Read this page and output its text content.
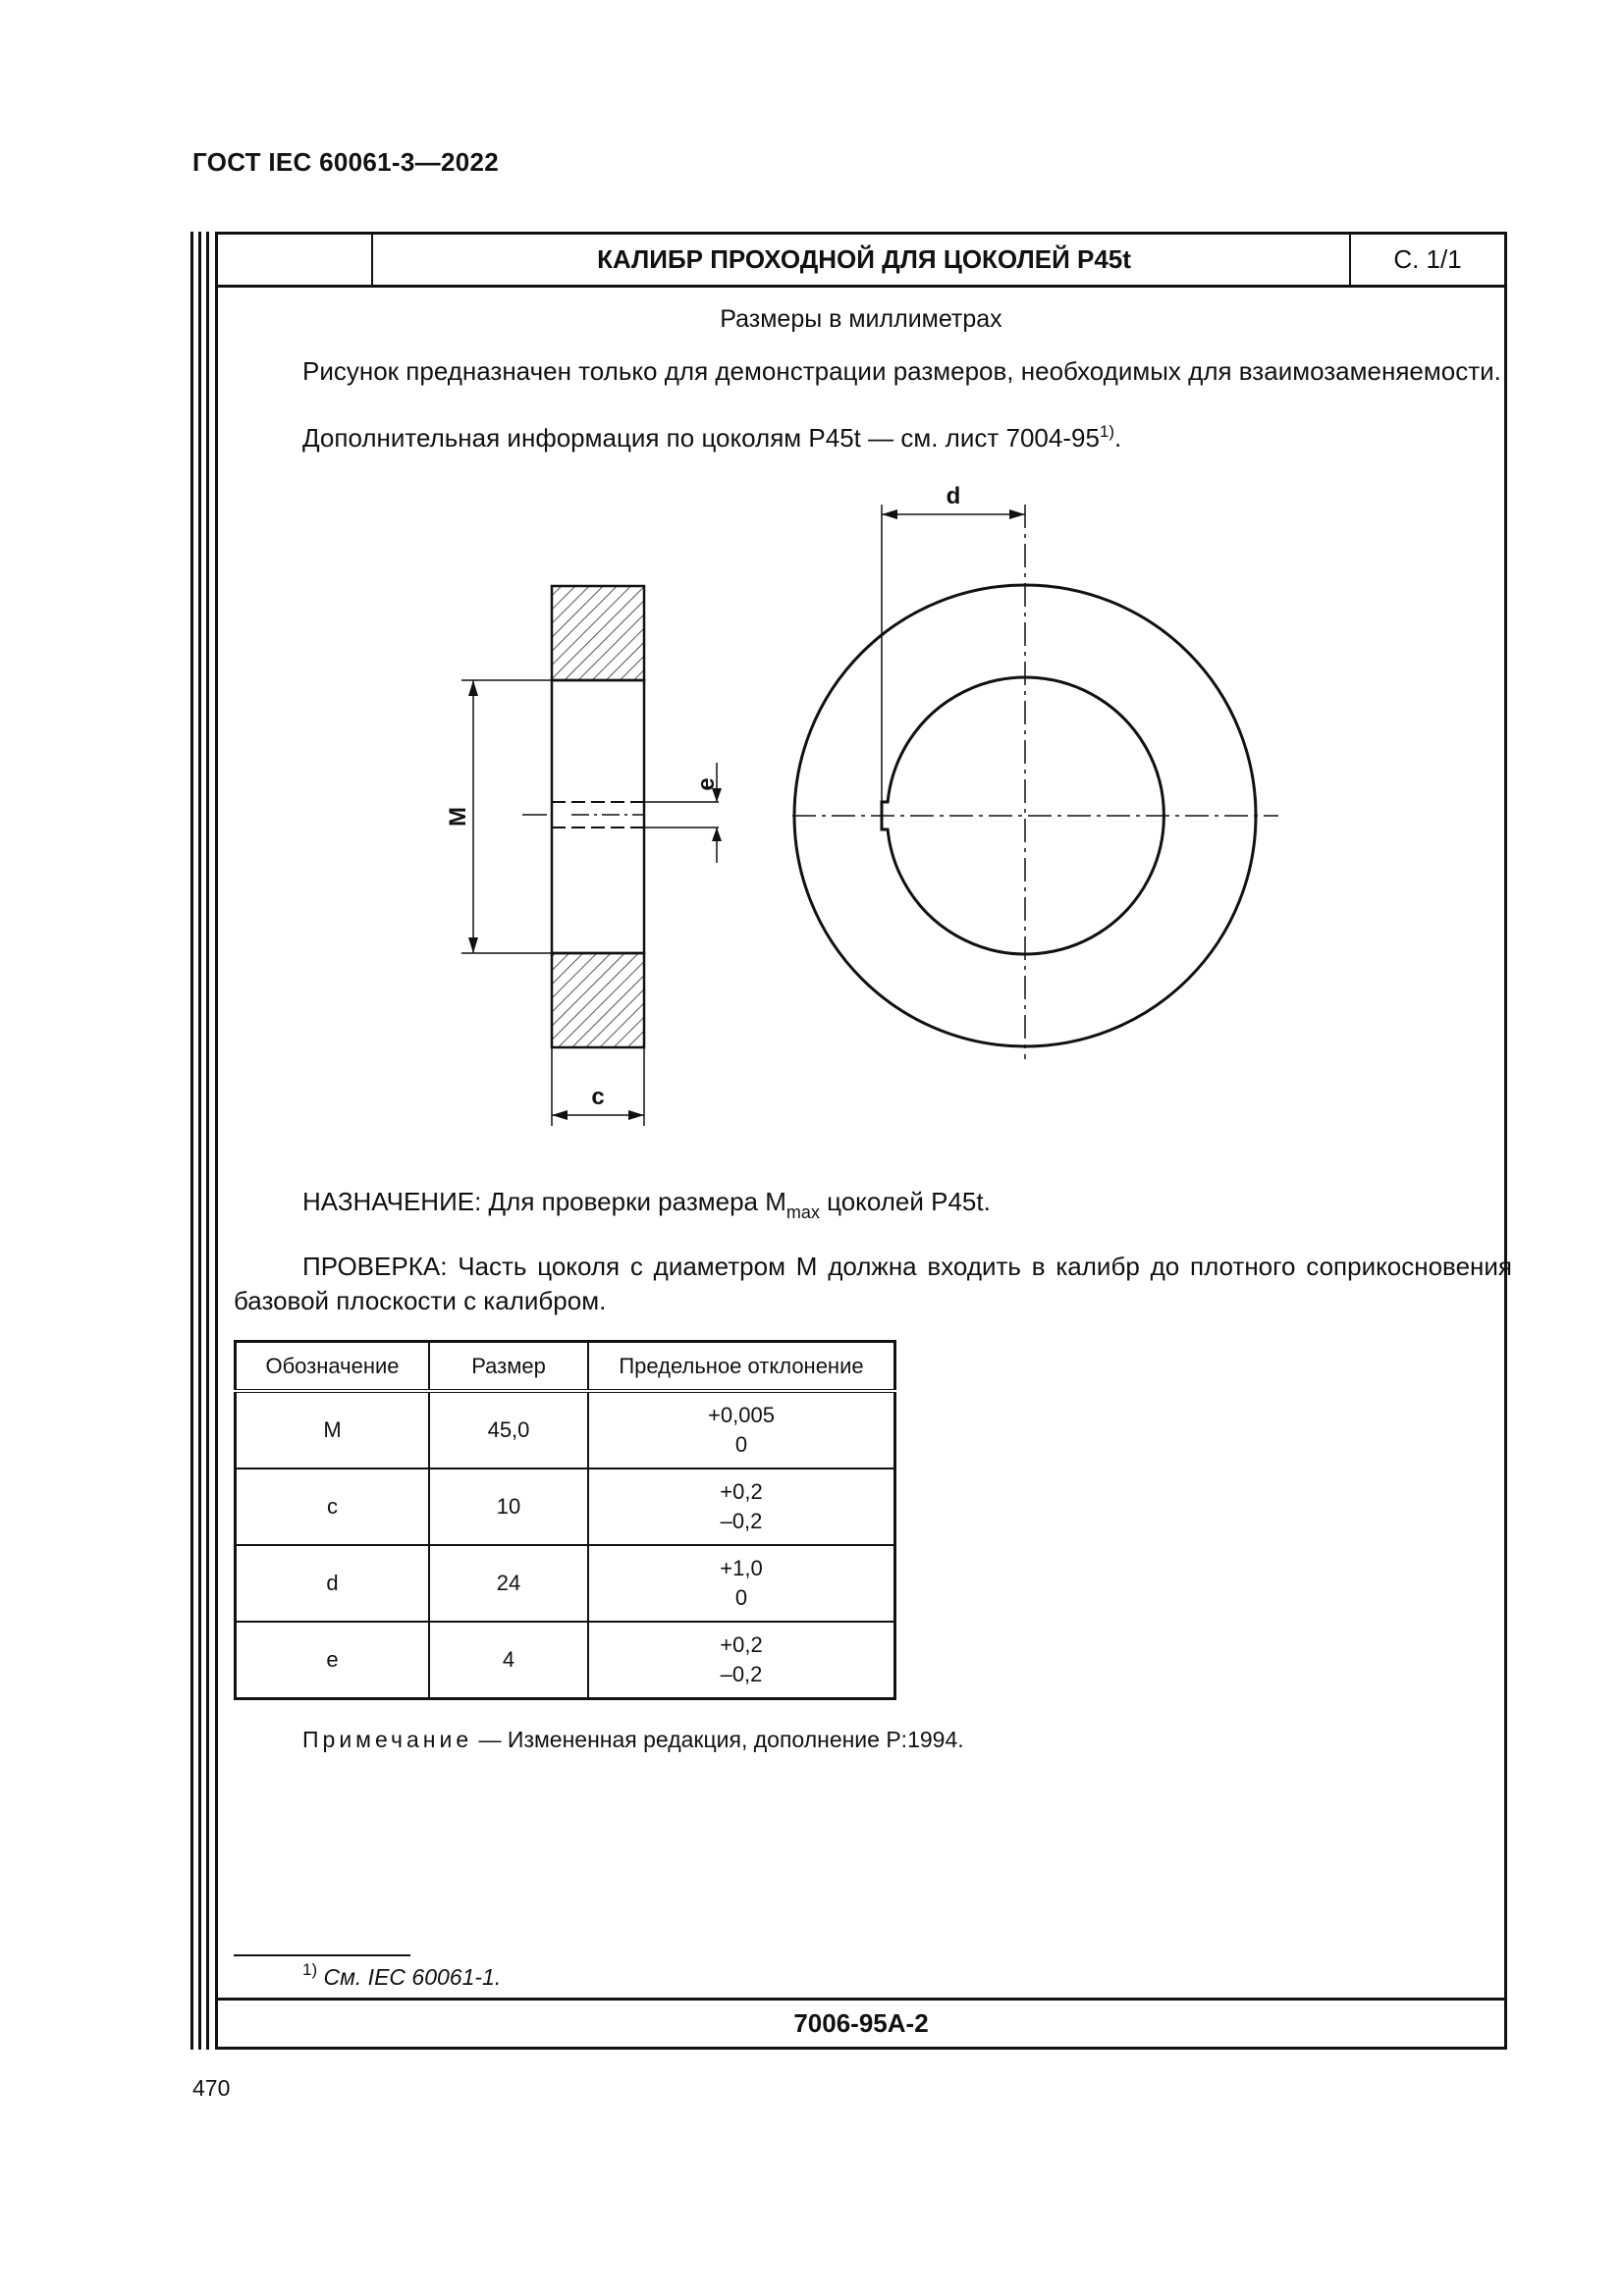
ГОСТ IEC 60061-3—2022
КАЛИБР ПРОХОДНОЙ ДЛЯ ЦОКОЛЕЙ P45t	С. 1/1
Размеры в миллиметрах
Рисунок предназначен только для демонстрации размеров, необходимых для взаимозаменяемости.
Дополнительная информация по цоколям P45t — см. лист 7004-95$^{1)}$.
e
M
c
d
НАЗНАЧЕНИЕ: Для проверки размера $M_{max}$ цоколей P45t.
ПРОВЕРКА: Часть цоколя с диаметром M должна входить в калибр до плотного соприкосновения базовой плоскости с калибром.
Обозначение	Размер	Предельное отклонение
M	45,0	+0,005
0
c	10	+0,2
–0,2
d	24	+1,0
0
e	4	+0,2
–0,2
Примечание — Измененная редакция, дополнение P:1994.
$^{1)}$ См. IEC 60061-1.
7006-95A-2
470
